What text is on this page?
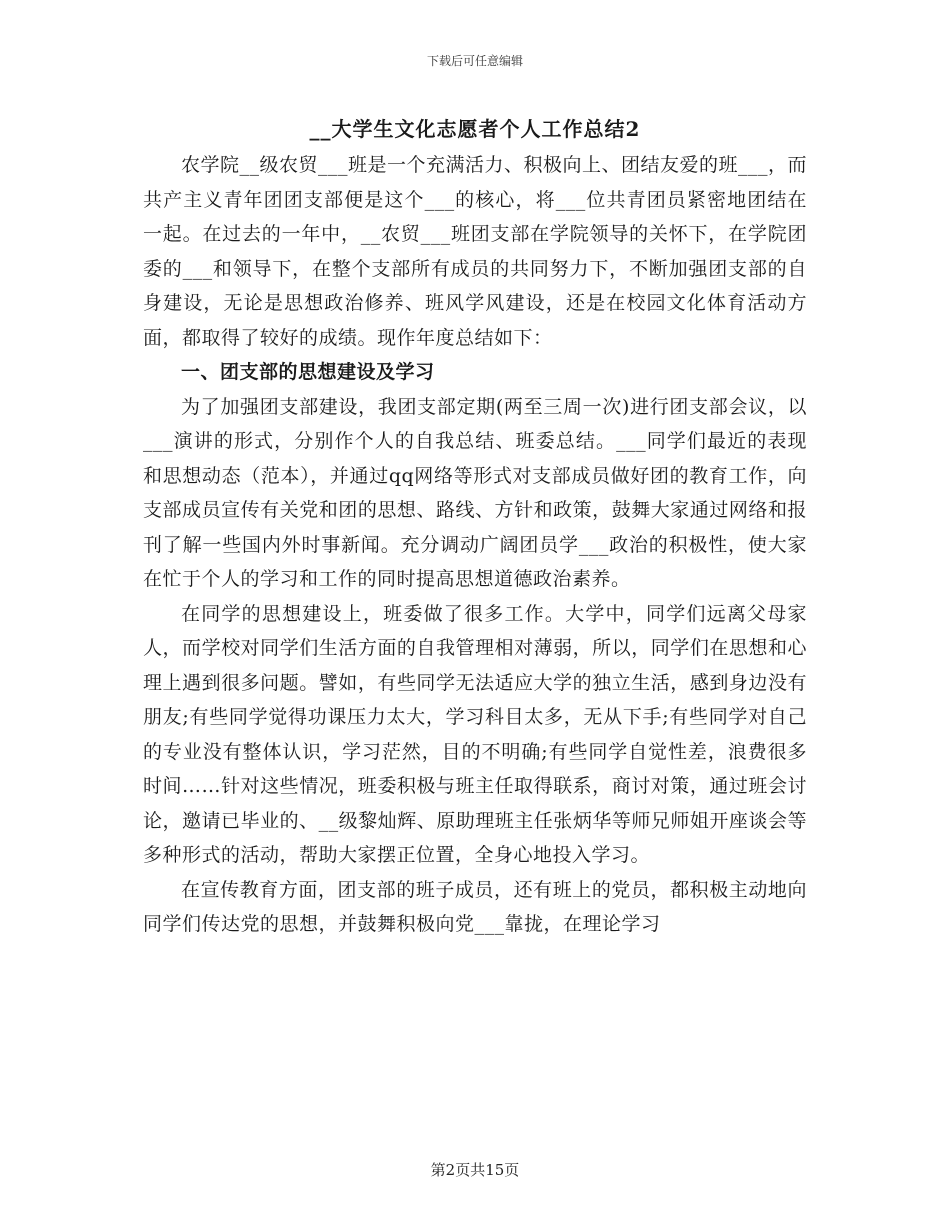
下载后可任意编辑
__大学生文化志愿者个人工作总结2

农学院__级农贸___班是一个充满活力、积极向上、团结友爱的班___，而共产主义青年团团支部便是这个___的核心，将___位共青团员紧密地团结在一起。在过去的一年中，__农贸___班团支部在学院领导的关怀下，在学院团委的___和领导下，在整个支部所有成员的共同努力下，不断加强团支部的自身建设，无论是思想政治修养、班风学风建设，还是在校园文化体育活动方面，都取得了较好的成绩。现作年度总结如下：

一、团支部的思想建设及学习

为了加强团支部建设，我团支部定期(两至三周一次)进行团支部会议，以___演讲的形式，分别作个人的自我总结、班委总结。___同学们最近的表现和思想动态（范本），并通过qq网络等形式对支部成员做好团的教育工作，向支部成员宣传有关党和团的思想、路线、方针和政策，鼓舞大家通过网络和报刊了解一些国内外时事新闻。充分调动广阔团员学___政治的积极性，使大家在忙于个人的学习和工作的同时提高思想道德政治素养。

在同学的思想建设上，班委做了很多工作。大学中，同学们远离父母家人，而学校对同学们生活方面的自我管理相对薄弱，所以，同学们在思想和心理上遇到很多问题。譬如，有些同学无法适应大学的独立生活，感到身边没有朋友;有些同学觉得功课压力太大，学习科目太多，无从下手;有些同学对自己的专业没有整体认识，学习茫然，目的不明确;有些同学自觉性差，浪费很多时间……针对这些情况，班委积极与班主任取得联系，商讨对策，通过班会讨论，邀请已毕业的、__级黎灿辉、原助理班主任张炳华等师兄师姐开座谈会等多种形式的活动，帮助大家摆正位置，全身心地投入学习。

在宣传教育方面，团支部的班子成员，还有班上的党员，都积极主动地向同学们传达党的思想，并鼓舞积极向党___靠拢，在理论学习

第2页共15页
